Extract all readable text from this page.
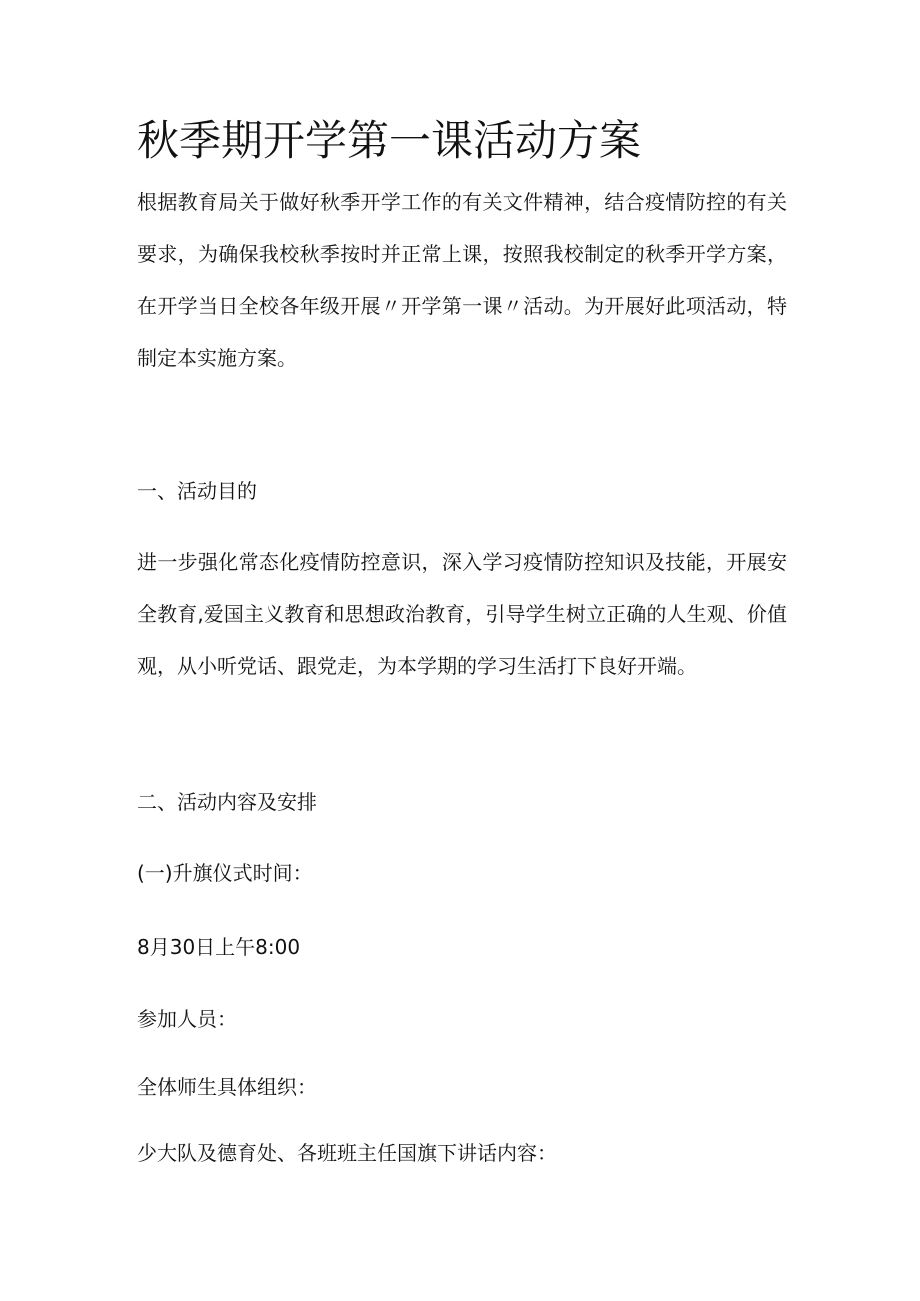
秋季期开学第一课活动方案

根据教育局关于做好秋季开学工作的有关文件精神，结合疫情防控的有关要求，为确保我校秋季按时并正常上课，按照我校制定的秋季开学方案，在开学当日全校各年级开展〃开学第一课〃活动。为开展好此项活动，特制定本实施方案。

一、活动目的

进一步强化常态化疫情防控意识，深入学习疫情防控知识及技能，开展安全教育,爱国主义教育和思想政治教育，引导学生树立正确的人生观、价值观，从小听党话、跟党走，为本学期的学习生活打下良好开端。

二、活动内容及安排

(一)升旗仪式时间：

8月30日上午8:00

参加人员：

全体师生具体组织：

少大队及德育处、各班班主任国旗下讲话内容：
